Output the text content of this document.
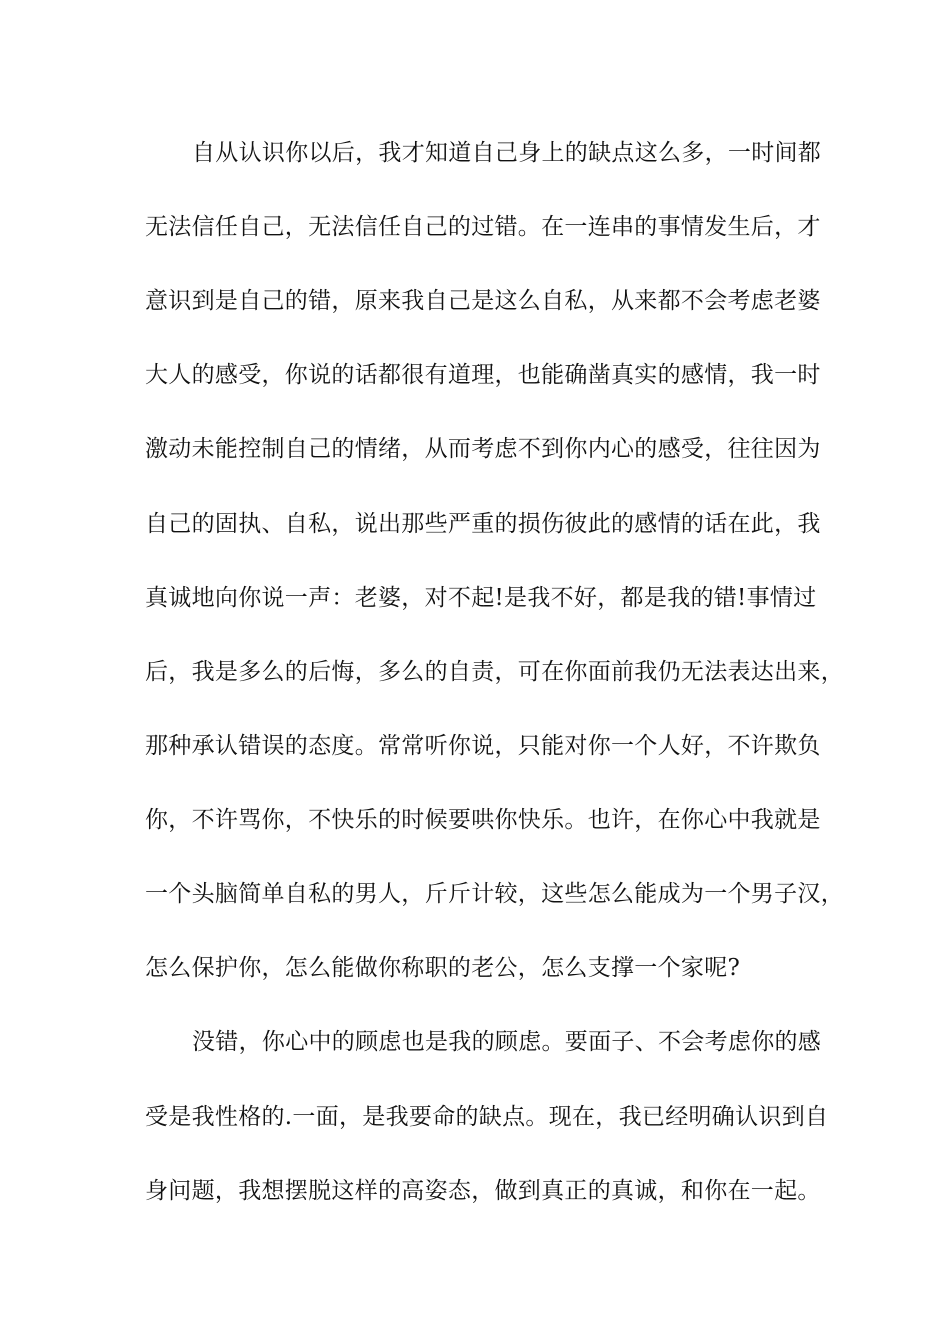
自从认识你以后，我才知道自己身上的缺点这么多，一时间都

无法信任自己，无法信任自己的过错。在一连串的事情发生后，才

意识到是自己的错，原来我自己是这么自私，从来都不会考虑老婆

大人的感受，你说的话都很有道理，也能确凿真实的感情，我一时

激动未能控制自己的情绪，从而考虑不到你内心的感受，往往因为

自己的固执、自私，说出那些严重的损伤彼此的感情的话在此，我

真诚地向你说一声：老婆，对不起!是我不好，都是我的错!事情过

后，我是多么的后悔，多么的自责，可在你面前我仍无法表达出来，

那种承认错误的态度。常常听你说，只能对你一个人好，不许欺负

你，不许骂你，不快乐的时候要哄你快乐。也许，在你心中我就是

一个头脑简单自私的男人，斤斤计较，这些怎么能成为一个男子汉，

怎么保护你，怎么能做你称职的老公，怎么支撑一个家呢?

没错，你心中的顾虑也是我的顾虑。要面子、不会考虑你的感

受是我性格的.一面，是我要命的缺点。现在，我已经明确认识到自

身问题，我想摆脱这样的高姿态，做到真正的真诚，和你在一起。
